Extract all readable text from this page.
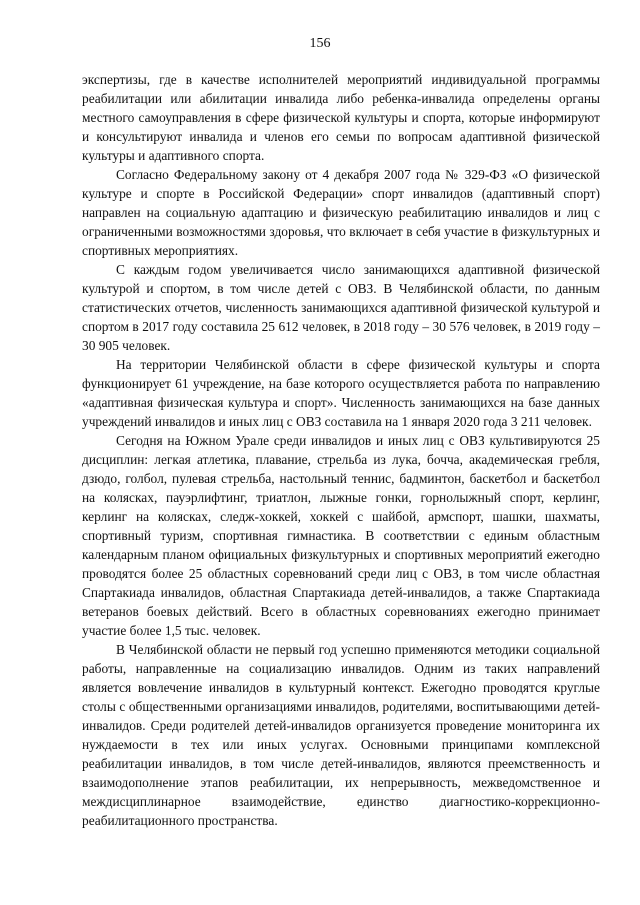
156

экспертизы, где в качестве исполнителей мероприятий индивидуальной программы реабилитации или абилитации инвалида либо ребенка-инвалида определены органы местного самоуправления в сфере физической культуры и спорта, которые информируют и консультируют инвалида и членов его семьи по вопросам адаптивной физической культуры и адаптивного спорта.

Согласно Федеральному закону от 4 декабря 2007 года № 329-ФЗ «О физической культуре и спорте в Российской Федерации» спорт инвалидов (адаптивный спорт) направлен на социальную адаптацию и физическую реабилитацию инвалидов и лиц с ограниченными возможностями здоровья, что включает в себя участие в физкультурных и спортивных мероприятиях.

С каждым годом увеличивается число занимающихся адаптивной физической культурой и спортом, в том числе детей с ОВЗ. В Челябинской области, по данным статистических отчетов, численность занимающихся адаптивной физической культурой и спортом в 2017 году составила 25 612 человек, в 2018 году – 30 576 человек, в 2019 году – 30 905 человек.

На территории Челябинской области в сфере физической культуры и спорта функционирует 61 учреждение, на базе которого осуществляется работа по направлению «адаптивная физическая культура и спорт». Численность занимающихся на базе данных учреждений инвалидов и иных лиц с ОВЗ составила на 1 января 2020 года 3 211 человек.

Сегодня на Южном Урале среди инвалидов и иных лиц с ОВЗ культивируются 25 дисциплин: легкая атлетика, плавание, стрельба из лука, бочча, академическая гребля, дзюдо, голбол, пулевая стрельба, настольный теннис, бадминтон, баскетбол и баскетбол на колясках, пауэрлифтинг, триатлон, лыжные гонки, горнолыжный спорт, керлинг, керлинг на колясках, следж-хоккей, хоккей с шайбой, армспорт, шашки, шахматы, спортивный туризм, спортивная гимнастика. В соответствии с единым областным календарным планом официальных физкультурных и спортивных мероприятий ежегодно проводятся более 25 областных соревнований среди лиц с ОВЗ, в том числе областная Спартакиада инвалидов, областная Спартакиада детей-инвалидов, а также Спартакиада ветеранов боевых действий. Всего в областных соревнованиях ежегодно принимает участие более 1,5 тыс. человек.

В Челябинской области не первый год успешно применяются методики социальной работы, направленные на социализацию инвалидов. Одним из таких направлений является вовлечение инвалидов в культурный контекст. Ежегодно проводятся круглые столы с общественными организациями инвалидов, родителями, воспитывающими детей-инвалидов. Среди родителей детей-инвалидов организуется проведение мониторинга их нуждаемости в тех или иных услугах. Основными принципами комплексной реабилитации инвалидов, в том числе детей-инвалидов, являются преемственность и взаимодополнение этапов реабилитации, их непрерывность, межведомственное и междисциплинарное взаимодействие, единство диагностико-коррекционно-реабилитационного пространства.
